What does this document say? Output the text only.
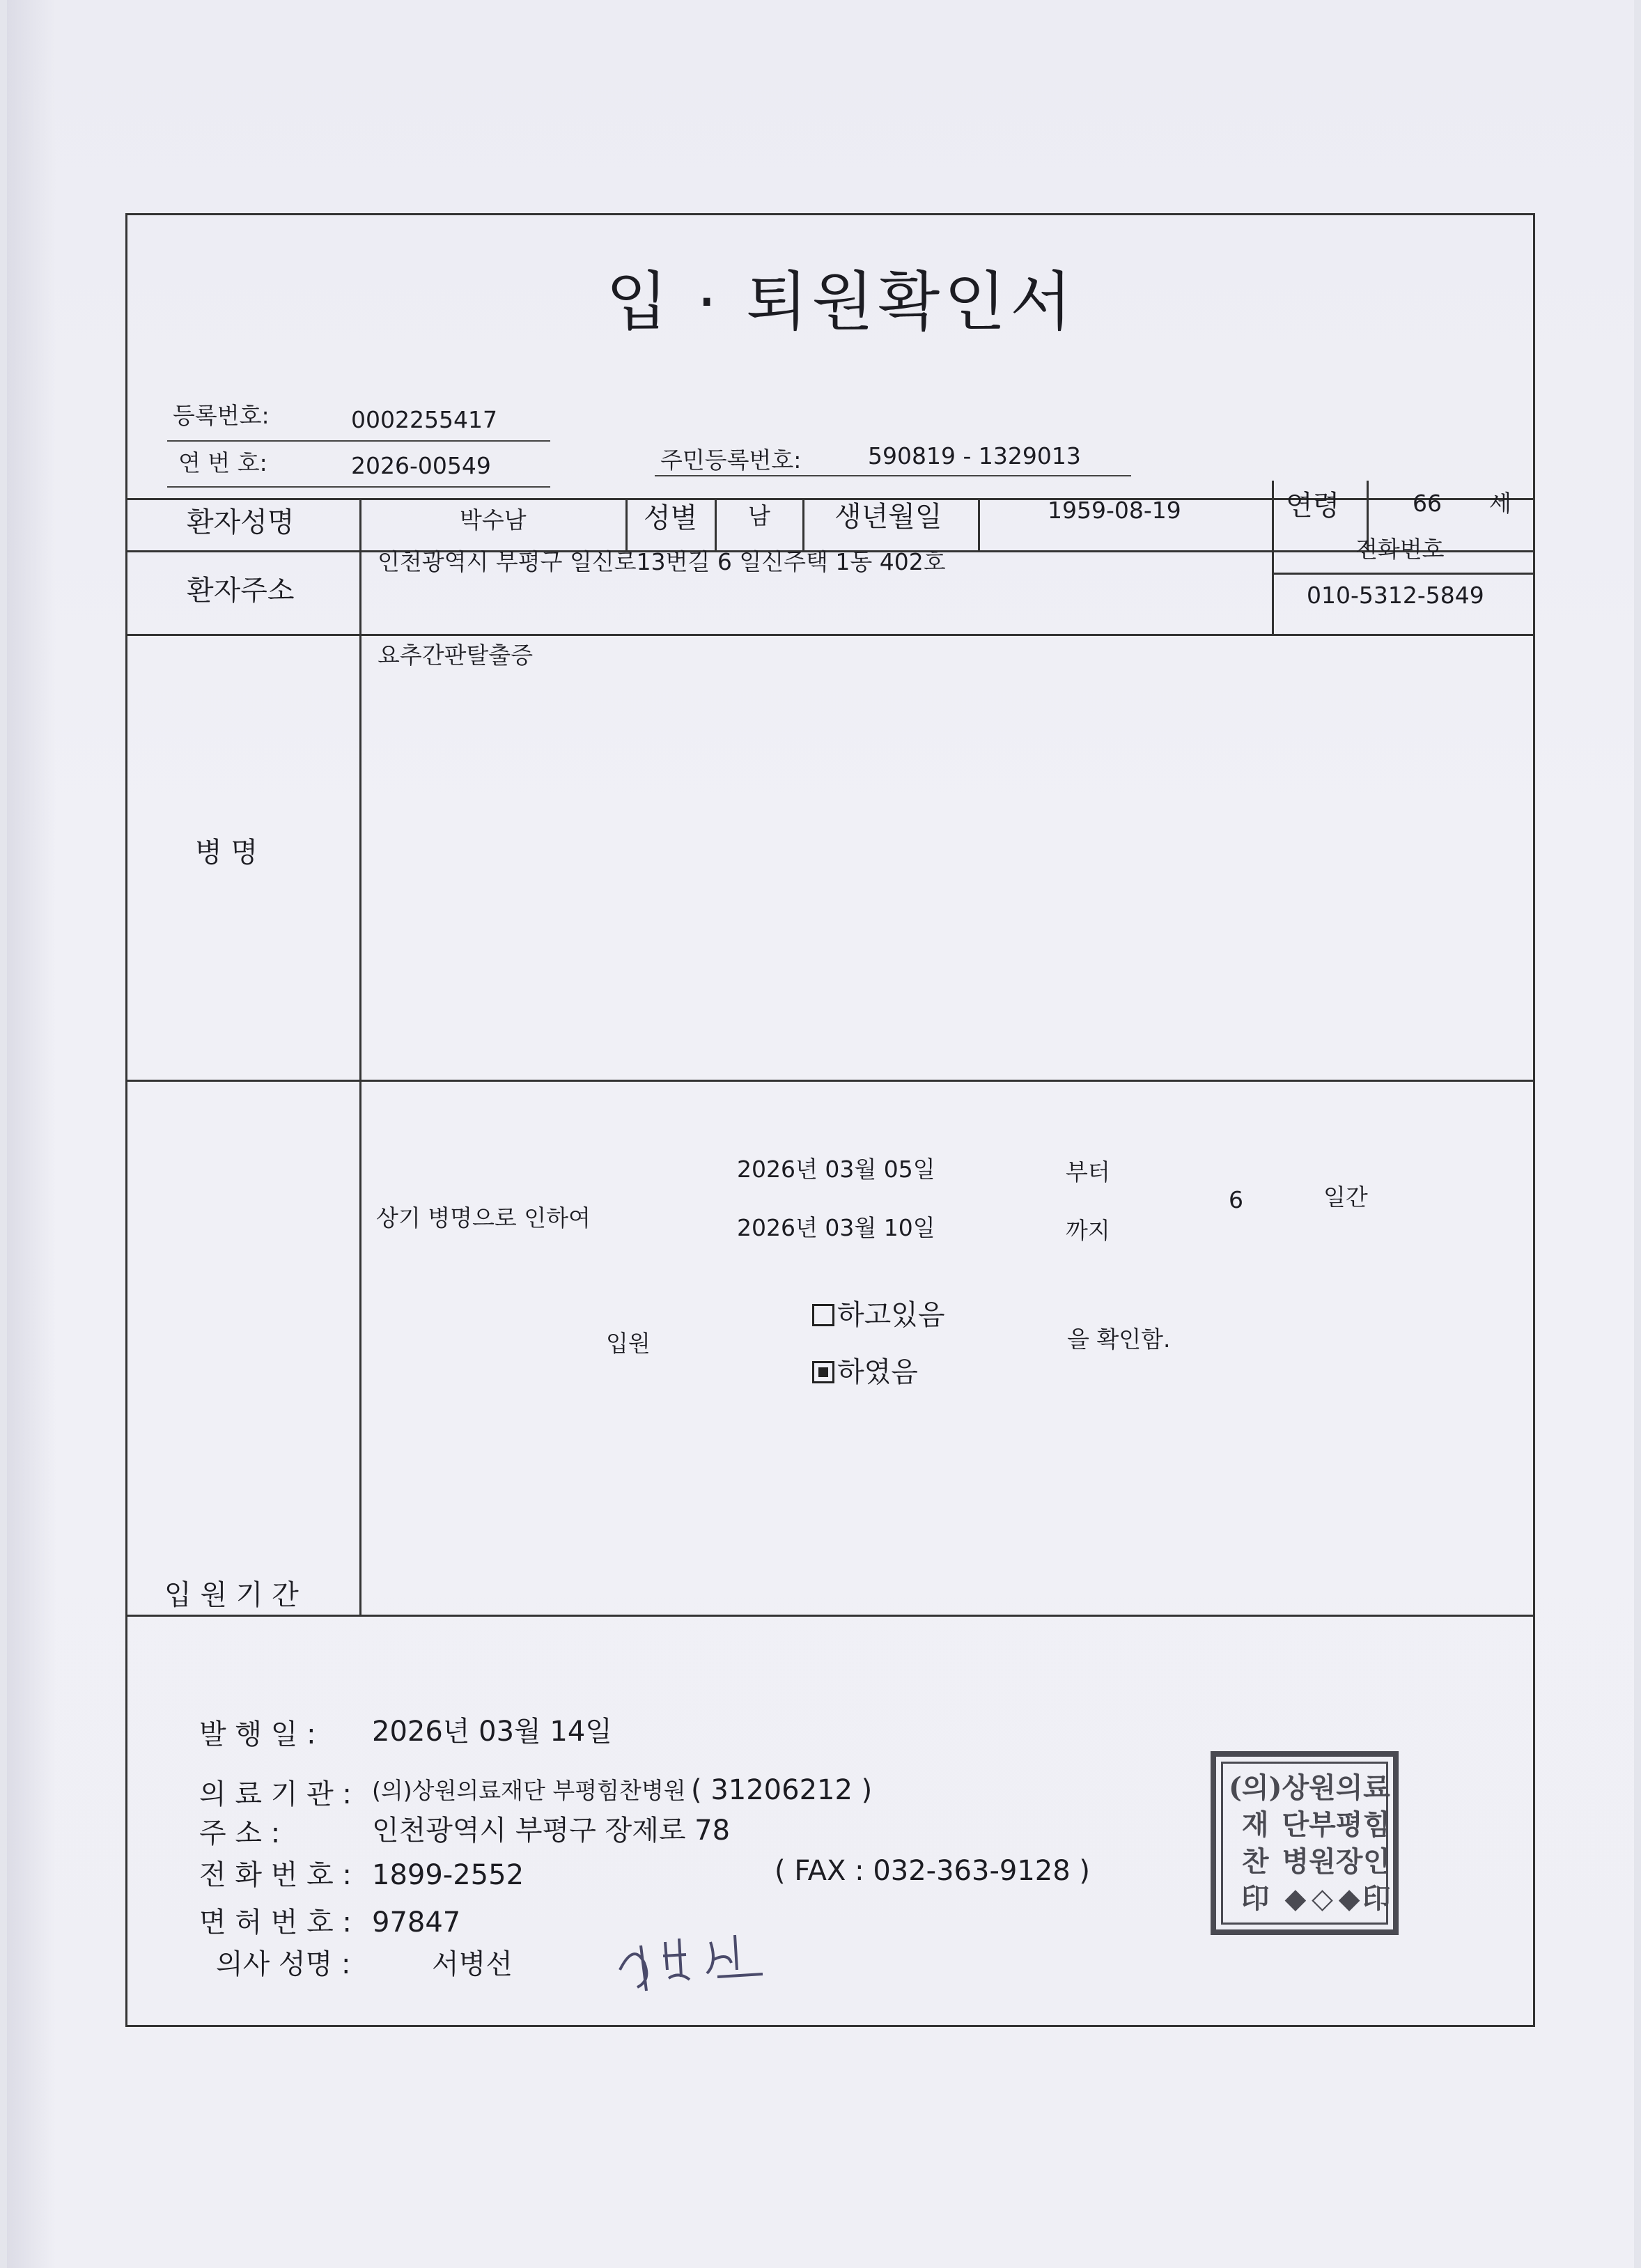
입 · 퇴원확인서
등록번호:	0002255417
연 번 호:	2026-00549	주민등록번호:	590819 - 1329013
환자성명	박수남	성별 남 생년월일	1959-08-19	연령	66 세
환자주소
인천광역시 부평구 일신로13번길 6 일신주택 1동 402호	전화번호
010-5312-5849
병 명
요추간판탈출증
입 원 기 간
상기 병명으로 인하여
2026년 03월 05일	부터
2026년 03월 10일	까지
6	일간
입원
하고있음
하였음
을 확인함.
발 행 일 : 2026년 03월 14일
의 료 기 관 : (의)상원의료재단 부평힘찬병원 ( 31206212 )
주 소 :	인천광역시 부평구 장제로 78
전 화 번 호 : 1899-2552	( FAX : 032-363-9128 )
면 허 번 호 : 97847
의사 성명 :	서병선
(의) 상 원 의 료
재 단 부 평 힘
찬 병 원 장 인
印 ◆ ◇ ◆ 印
